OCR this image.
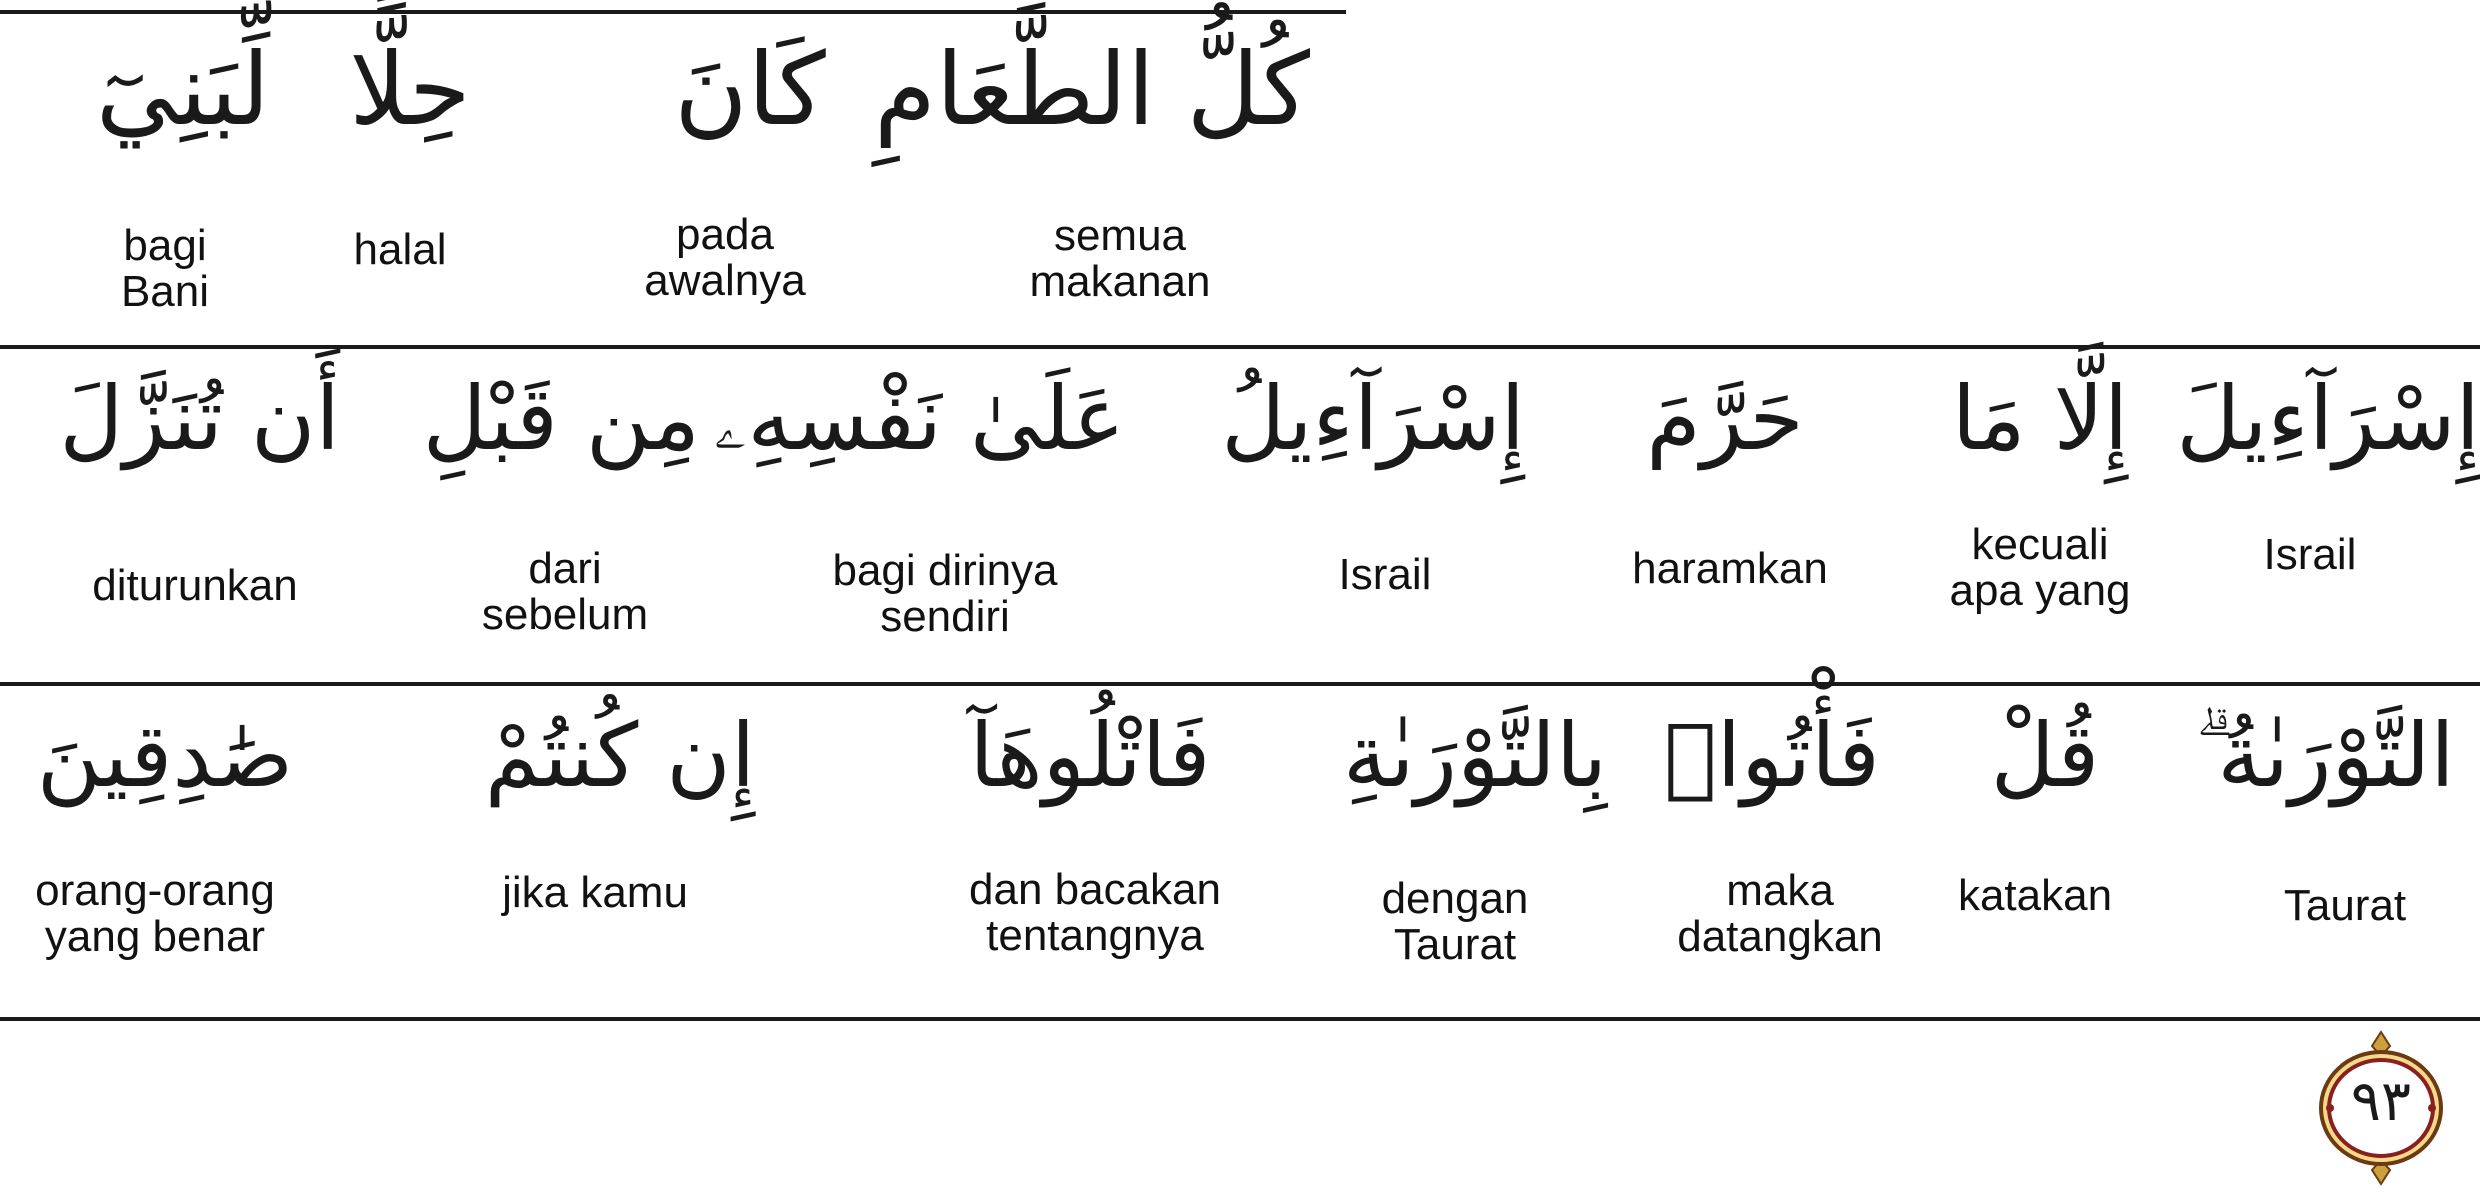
كُلُّ الطَّعَامِ
semua
makanan
كَانَ
pada
awalnya
حِلًّا
halal
لِّبَنِيٓ
bagi
Bani
إِسْرَآءِيلَ
Israil
إِلَّا مَا
kecuali
apa yang
حَرَّمَ
haramkan
إِسْرَآءِيلُ
Israil
عَلَىٰ نَفْسِهِۦ
bagi dirinya
sendiri
مِن قَبْلِ
dari
sebelum
أَن تُنَزَّلَ
diturunkan
التَّوْرَىٰةُ ۗ
Taurat
قُلْ
katakan
فَأْتُوا۟
maka
datangkan
بِالتَّوْرَىٰةِ
dengan
Taurat
فَاتْلُوهَآ
dan bacakan
tentangnya
إِن كُنتُمْ
jika kamu
صَٰدِقِينَ
orang-orang
yang benar
٩٣
